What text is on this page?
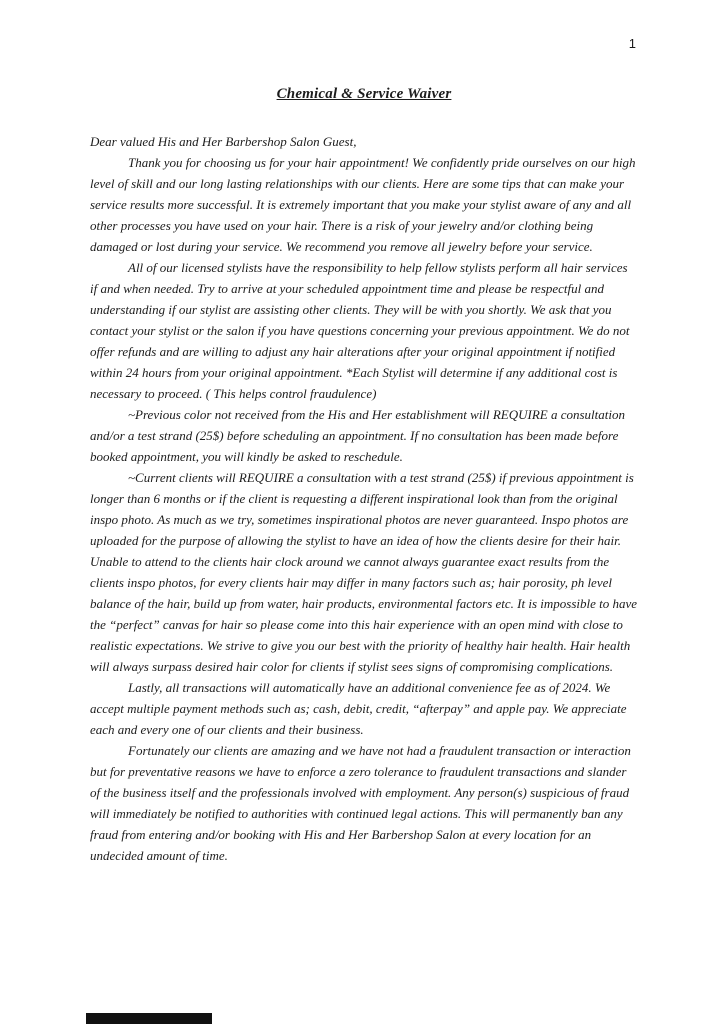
1
Chemical & Service Waiver

Dear valued His and Her Barbershop Salon Guest,

Thank you for choosing us for your hair appointment! We confidently pride ourselves on our high level of skill and our long lasting relationships with our clients. Here are some tips that can make your service results more successful. It is extremely important that you make your stylist aware of any and all other processes you have used on your hair. There is a risk of your jewelry and/or clothing being damaged or lost during your service. We recommend you remove all jewelry before your service.

All of our licensed stylists have the responsibility to help fellow stylists perform all hair services if and when needed. Try to arrive at your scheduled appointment time and please be respectful and understanding if our stylist are assisting other clients. They will be with you shortly. We ask that you contact your stylist or the salon if you have questions concerning your previous appointment. We do not offer refunds and are willing to adjust any hair alterations after your original appointment if notified within 24 hours from your original appointment. *Each Stylist will determine if any additional cost is necessary to proceed. ( This helps control fraudulence)

~Previous color not received from the His and Her establishment will REQUIRE a consultation and/or a test strand (25$) before scheduling an appointment. If no consultation has been made before booked appointment, you will kindly be asked to reschedule.

~Current clients will REQUIRE a consultation with a test strand (25$) if previous appointment is longer than 6 months or if the client is requesting a different inspirational look than from the original inspo photo. As much as we try, sometimes inspirational photos are never guaranteed. Inspo photos are uploaded for the purpose of allowing the stylist to have an idea of how the clients desire for their hair. Unable to attend to the clients hair clock around we cannot always guarantee exact results from the clients inspo photos, for every clients hair may differ in many factors such as; hair porosity, ph level balance of the hair, build up from water, hair products, environmental factors etc. It is impossible to have the “perfect” canvas for hair so please come into this hair experience with an open mind with close to realistic expectations. We strive to give you our best with the priority of healthy hair health. Hair health will always surpass desired hair color for clients if stylist sees signs of compromising complications.

Lastly, all transactions will automatically have an additional convenience fee as of 2024. We accept multiple payment methods such as; cash, debit, credit, “afterpay” and apple pay. We appreciate each and every one of our clients and their business.

Fortunately our clients are amazing and we have not had a fraudulent transaction or interaction but for preventative reasons we have to enforce a zero tolerance to fraudulent transactions and slander of the business itself and the professionals involved with employment. Any person(s) suspicious of fraud will immediately be notified to authorities with continued legal actions. This will permanently ban any fraud from entering and/or booking with His and Her Barbershop Salon at every location for an undecided amount of time.
